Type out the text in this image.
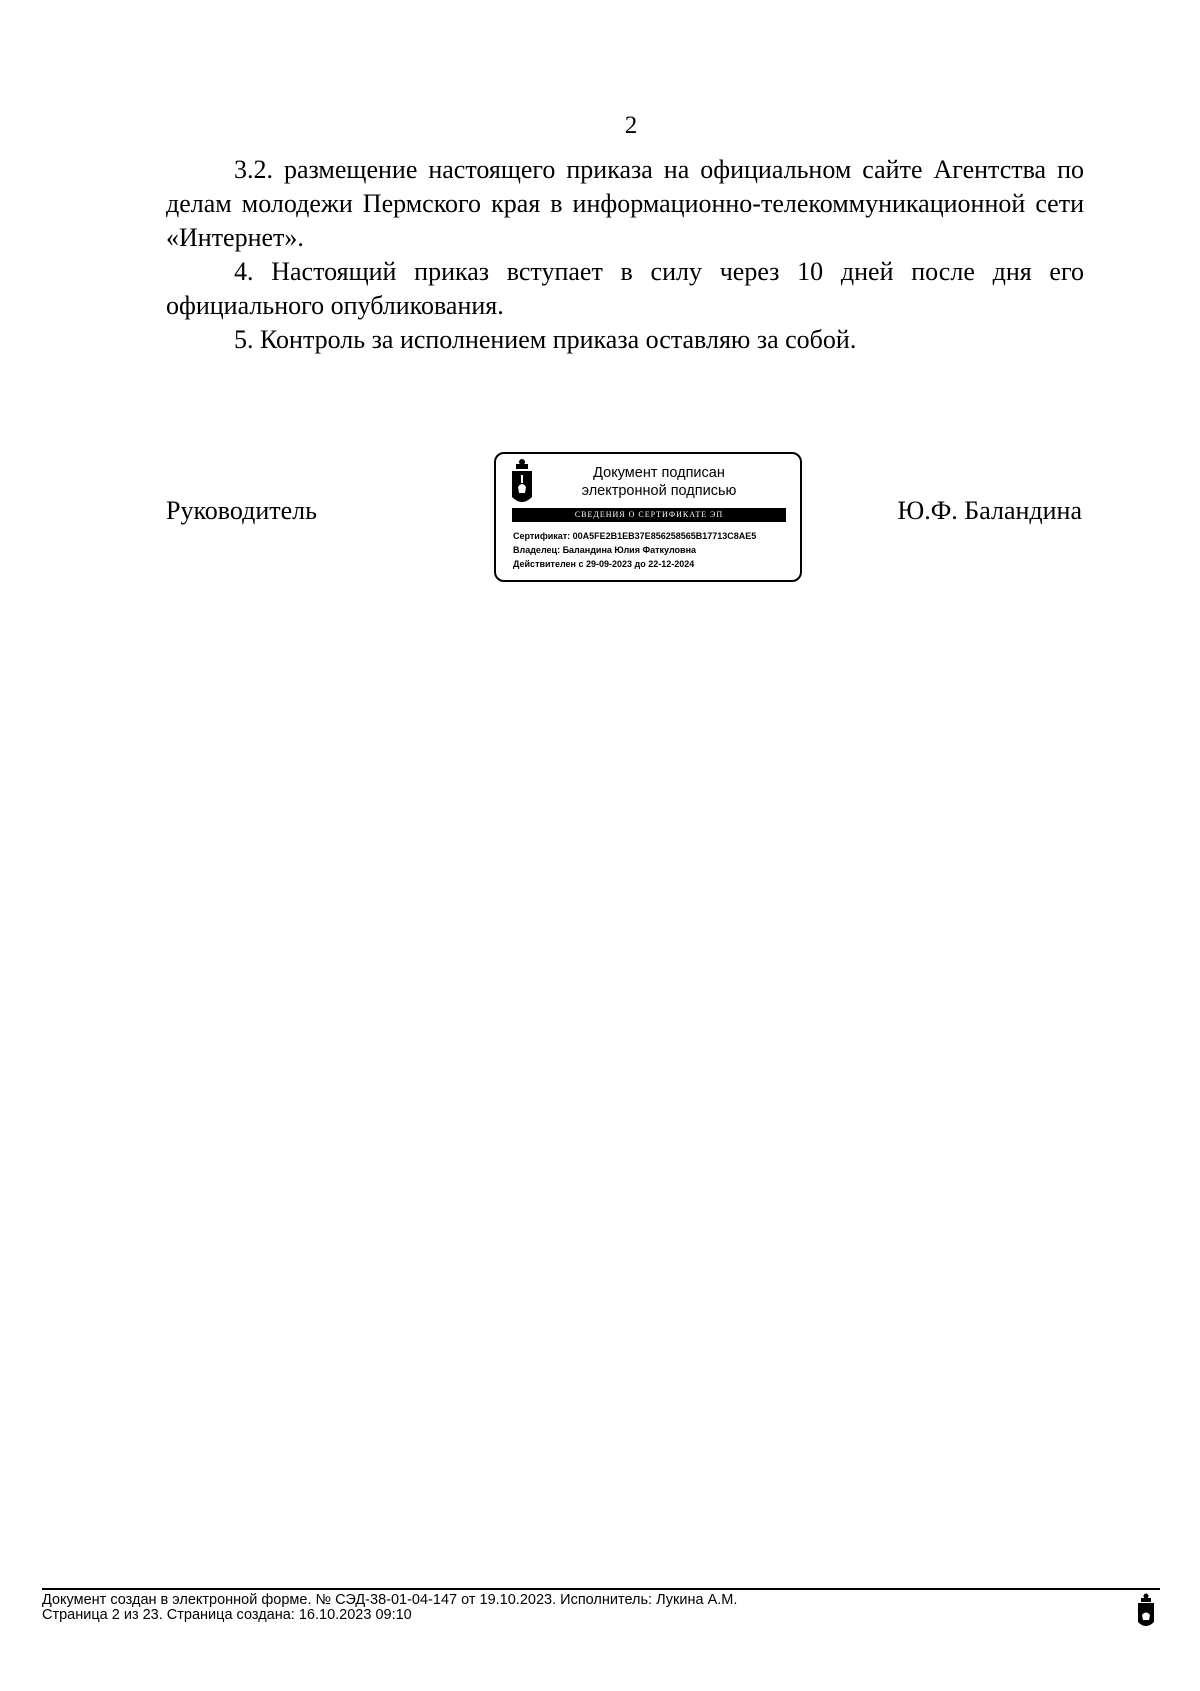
2

3.2. размещение настоящего приказа на официальном сайте Агентства по делам молодежи Пермского края в информационно-телекоммуникационной сети «Интернет».

4. Настоящий приказ вступает в силу через 10 дней после дня его официального опубликования.

5. Контроль за исполнением приказа оставляю за собой.

Руководитель
Документ подписан
электронной подписью
СВЕДЕНИЯ О СЕРТИФИКАТЕ ЭП
Сертификат: 00A5FE2B1EB37E856258565B17713C8AE5
Владелец: Баландина Юлия Фаткуловна
Действителен с 29-09-2023 до 22-12-2024
Ю.Ф. Баландина
Документ создан в электронной форме. № СЭД-38-01-04-147 от 19.10.2023. Исполнитель: Лукина А.М.
Страница 2 из 23. Страница создана: 16.10.2023 09:10
